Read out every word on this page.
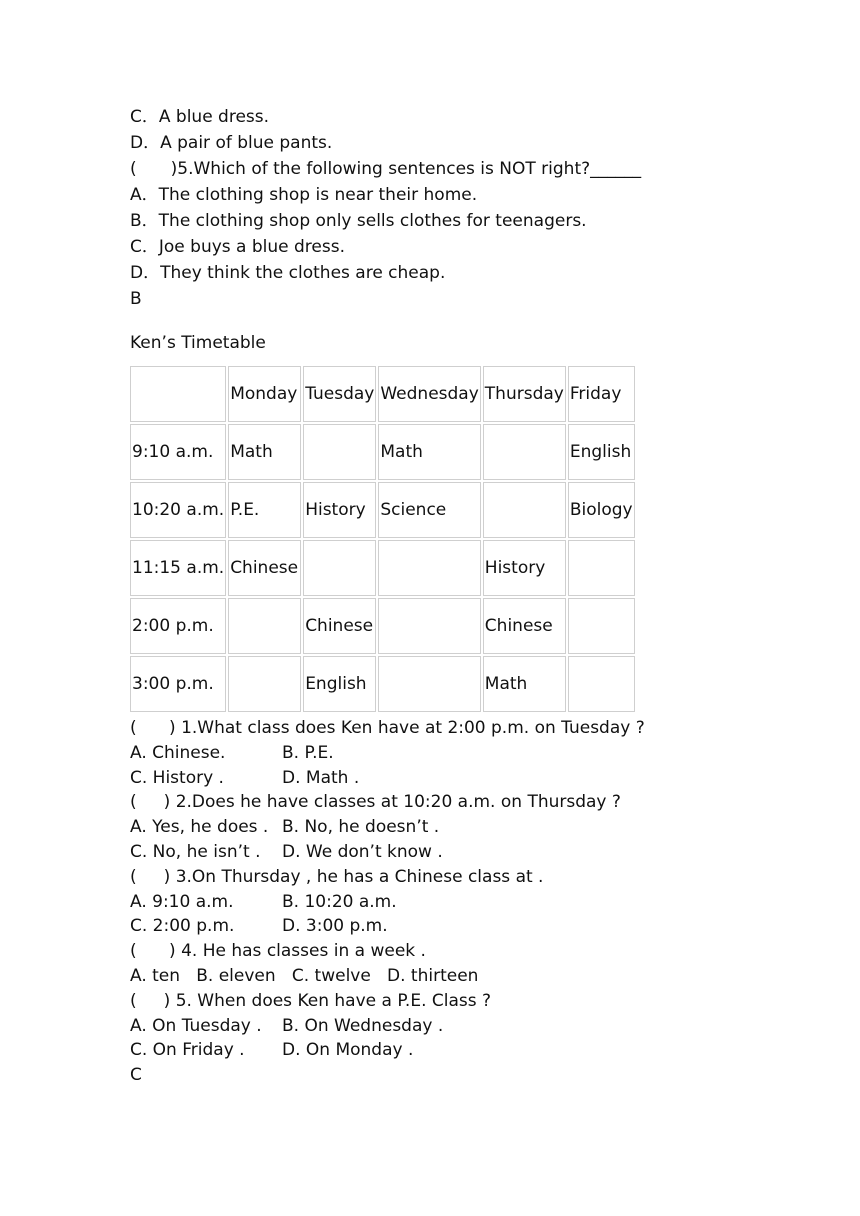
C．A blue dress.
D．A pair of blue pants.
(　　)5.Which of the following sentences is NOT right?______
A．The clothing shop is near their home.
B．The clothing shop only sells clothes for teenagers.
C．Joe buys a blue dress.
D．They think the clothes are cheap.
B
Ken’s Timetable
	Monday	Tuesday	Wednesday	Thursday	Friday
9:10 a.m.	Math		Math		English
10:20 a.m.	P.E.	History	Science		Biology
11:15 a.m.	Chinese			History	
2:00 p.m.		Chinese		Chinese	
3:00 p.m.		English		Math	
(      ) 1.What class does Ken have at 2:00 p.m. on Tuesday ?
A. Chinese.	B. P.E.
C. History .	D. Math .
(     ) 2.Does he have classes at 10:20 a.m. on Thursday ?
A. Yes, he does . B. No, he doesn’t .
C. No, he isn’t .	D. We don’t know .
(     ) 3.On Thursday , he has a Chinese class at .
A. 9:10 a.m.	B. 10:20 a.m.
C. 2:00 p.m.	D. 3:00 p.m.
(      ) 4. He has classes in a week .
A. ten   B. eleven   C. twelve   D. thirteen
(     ) 5. When does Ken have a P.E. Class ?
A. On Tuesday .	B. On Wednesday .
C. On Friday .	D. On Monday .
C
